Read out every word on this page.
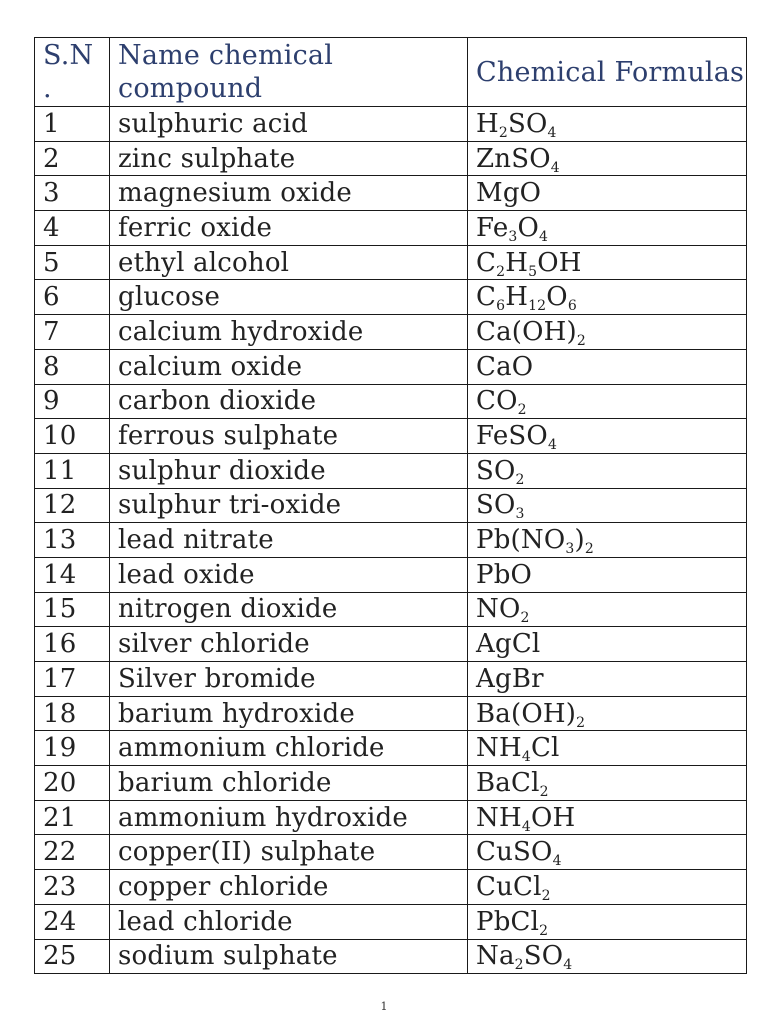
S.N .	Name chemical compound	Chemical Formulas
1	sulphuric acid	$H_2SO_4$
2	zinc sulphate	ZnSO$_4$
3	magnesium oxide	MgO
4	ferric oxide	$Fe_3O_4$
5	ethyl alcohol	$C_2H_5OH$
6	glucose	$C_6H_{12}O_6$
7	calcium hydroxide	$Ca(OH)_2$
8	calcium oxide	CaO
9	carbon dioxide	$CO_2$
10	ferrous sulphate	FeSO$_4$
11	sulphur dioxide	$SO_2$
12	sulphur tri-oxide	$SO_3$
13	lead nitrate	$Pb(NO_3)_2$
14	lead oxide	PbO
15	nitrogen dioxide	$NO_2$
16	silver chloride	AgCl
17	Silver bromide	AgBr
18	barium hydroxide	$Ba(OH)_2$
19	ammonium chloride	$NH_4Cl$
20	barium chloride	BaCl$_2$
21	ammonium hydroxide	$NH_4OH$
22	copper(II) sulphate	CuSO$_4$
23	copper chloride	CuCl$_2$
24	lead chloride	PbCl$_2$
25	sodium sulphate	$Na_2SO_4$
1
